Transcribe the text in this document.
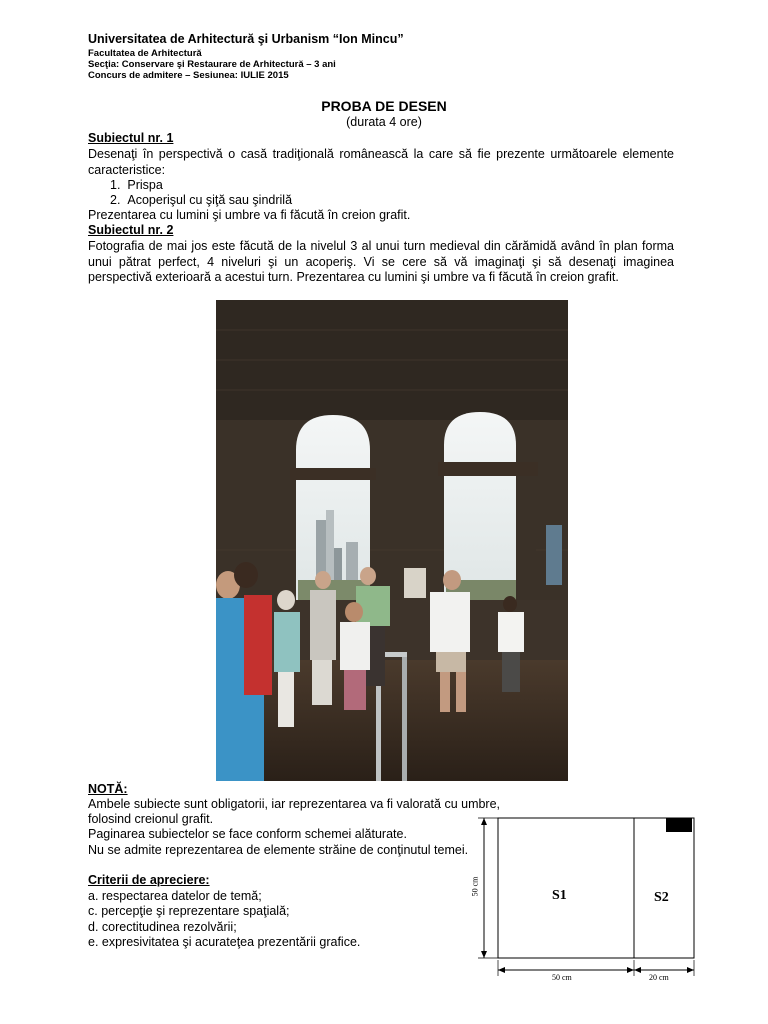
Universitatea de Arhitectură şi Urbanism “Ion Mincu”
Facultatea de Arhitectură
Secţia: Conservare şi Restaurare de Arhitectură – 3 ani
Concurs de admitere – Sesiunea: IULIE 2015
PROBA DE DESEN
(durata 4 ore)
Subiectul nr. 1
Desenaţi în perspectivă o casă tradiţională românească la care să fie prezente următoarele elemente caracteristice:
1.  Prispa
2.  Acoperişul cu şiţă sau şindrilă
Prezentarea cu lumini şi umbre va fi făcută în creion grafit.
Subiectul nr. 2
Fotografia de mai jos este făcută de la nivelul 3 al unui turn medieval din cărămidă având în plan forma unui pătrat perfect, 4 niveluri şi un acoperiş. Vi se cere să vă imaginaţi şi să desenaţi imaginea perspectivă exterioară a acestui turn. Prezentarea cu lumini şi umbre va fi făcută în creion grafit.
NOTĂ:
Ambele subiecte sunt obligatorii, iar reprezentarea va fi valorată cu umbre,
folosind creionul grafit.
Paginarea subiectelor se face conform schemei alăturate.
Nu se admite reprezentarea de elemente străine de conţinutul temei.
Criterii de apreciere:
a. respectarea datelor de temă;
c. percepţie şi reprezentare spaţială;
d. corectitudinea rezolvării;
e. expresivitatea şi acurateţea prezentării grafice.
S1	S2
50 cm
50 cm	20 cm
